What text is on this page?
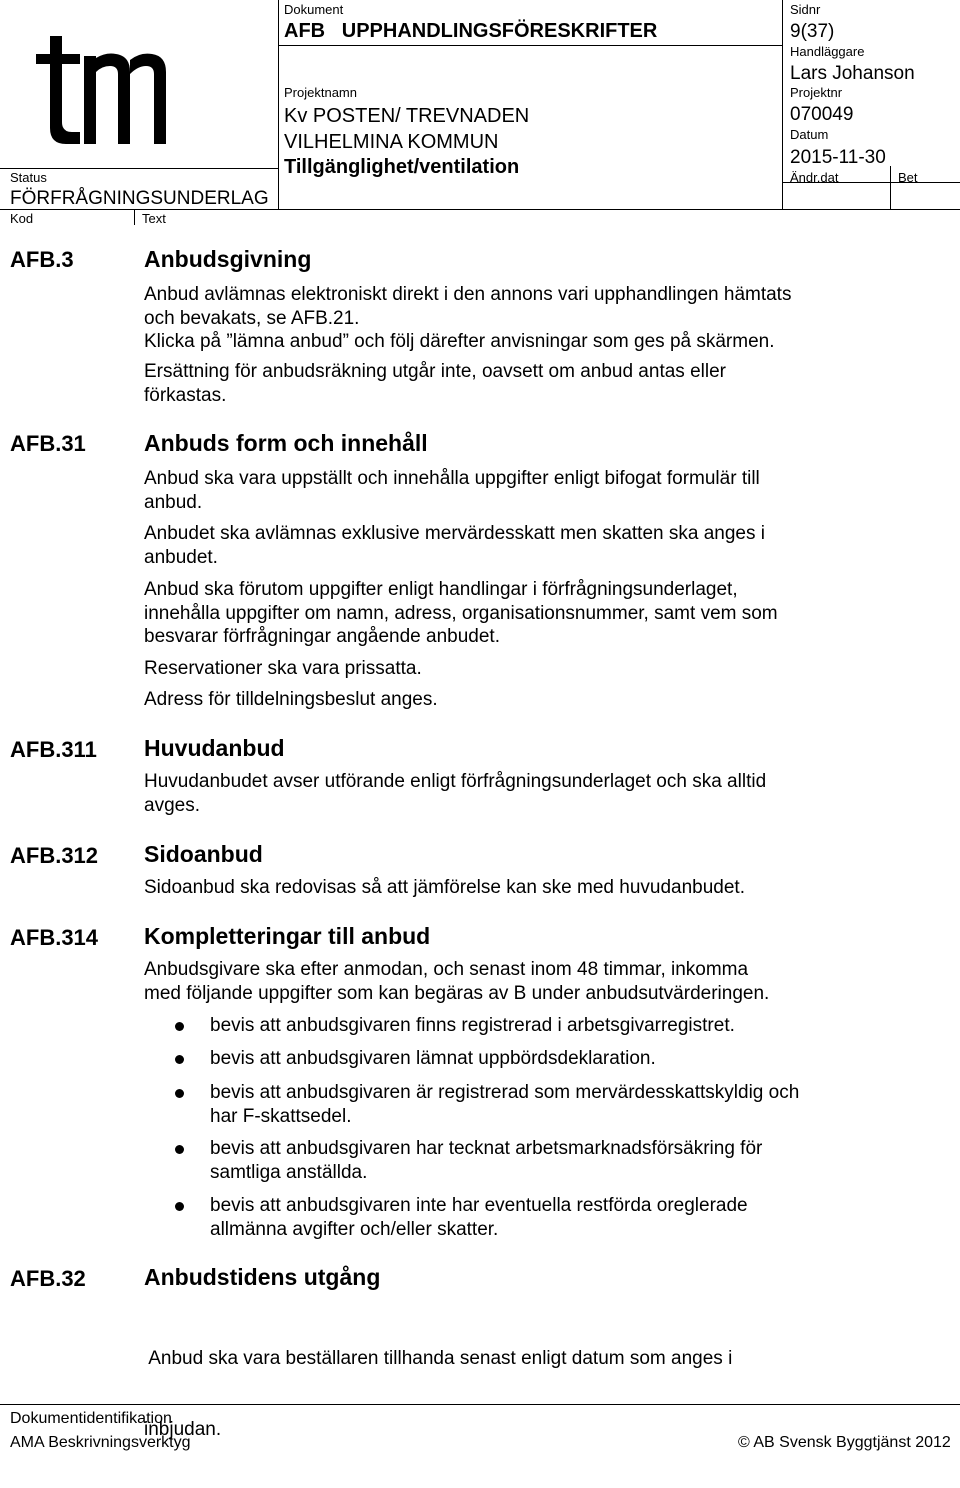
Dokument
AFB   UPPHANDLINGSFÖRESKRIFTER
Sidnr
9(37)
Handläggare
Lars Johanson
Projektnamn
Kv POSTEN/ TREVNADEN
VILHELMINA KOMMUN
Tillgänglighet/ventilation
Projektnr
070049
Datum
2015-11-30
Ändr.dat	Bet
Status
FÖRFRÅGNINGSUNDERLAG
Kod	Text
AFB.3	Anbudsgivning
Anbud avlämnas elektroniskt direkt i den annons vari upphandlingen hämtats
och bevakats, se AFB.21.
Klicka på ”lämna anbud” och följ därefter anvisningar som ges på skärmen.
Ersättning för anbudsräkning utgår inte, oavsett om anbud antas eller
förkastas.
AFB.31	Anbuds form och innehåll
Anbud ska vara uppställt och innehålla uppgifter enligt bifogat formulär till
anbud.
Anbudet ska avlämnas exklusive mervärdesskatt men skatten ska anges i
anbudet.
Anbud ska förutom uppgifter enligt handlingar i förfrågningsunderlaget,
innehålla uppgifter om namn, adress, organisationsnummer, samt vem som
besvarar förfrågningar angående anbudet.
Reservationer ska vara prissatta.
Adress för tilldelningsbeslut anges.
AFB.311 Huvudanbud
Huvudanbudet avser utförande enligt förfrågningsunderlaget och ska alltid
avges.
AFB.312 Sidoanbud
Sidoanbud ska redovisas så att jämförelse kan ske med huvudanbudet.
AFB.314 Kompletteringar till anbud
Anbudsgivare ska efter anmodan, och senast inom 48 timmar, inkomma
med följande uppgifter som kan begäras av B under anbudsutvärderingen.
bevis att anbudsgivaren finns registrerad i arbetsgivarregistret.
bevis att anbudsgivaren lämnat uppbördsdeklaration.
bevis att anbudsgivaren är registrerad som mervärdesskattskyldig och
har F-skattsedel.
bevis att anbudsgivaren har tecknat arbetsmarknadsförsäkring för
samtliga anställda.
bevis att anbudsgivaren inte har eventuella restförda oreglerade
allmänna avgifter och/eller skatter.
AFB.32	Anbudstidens utgång

Anbud ska vara beställaren tillhanda senast enligt datum som anges i

inbjudan.

Dokumentidentifikation
AMA Beskrivningsverktyg	© AB Svensk Byggtjänst 2012
